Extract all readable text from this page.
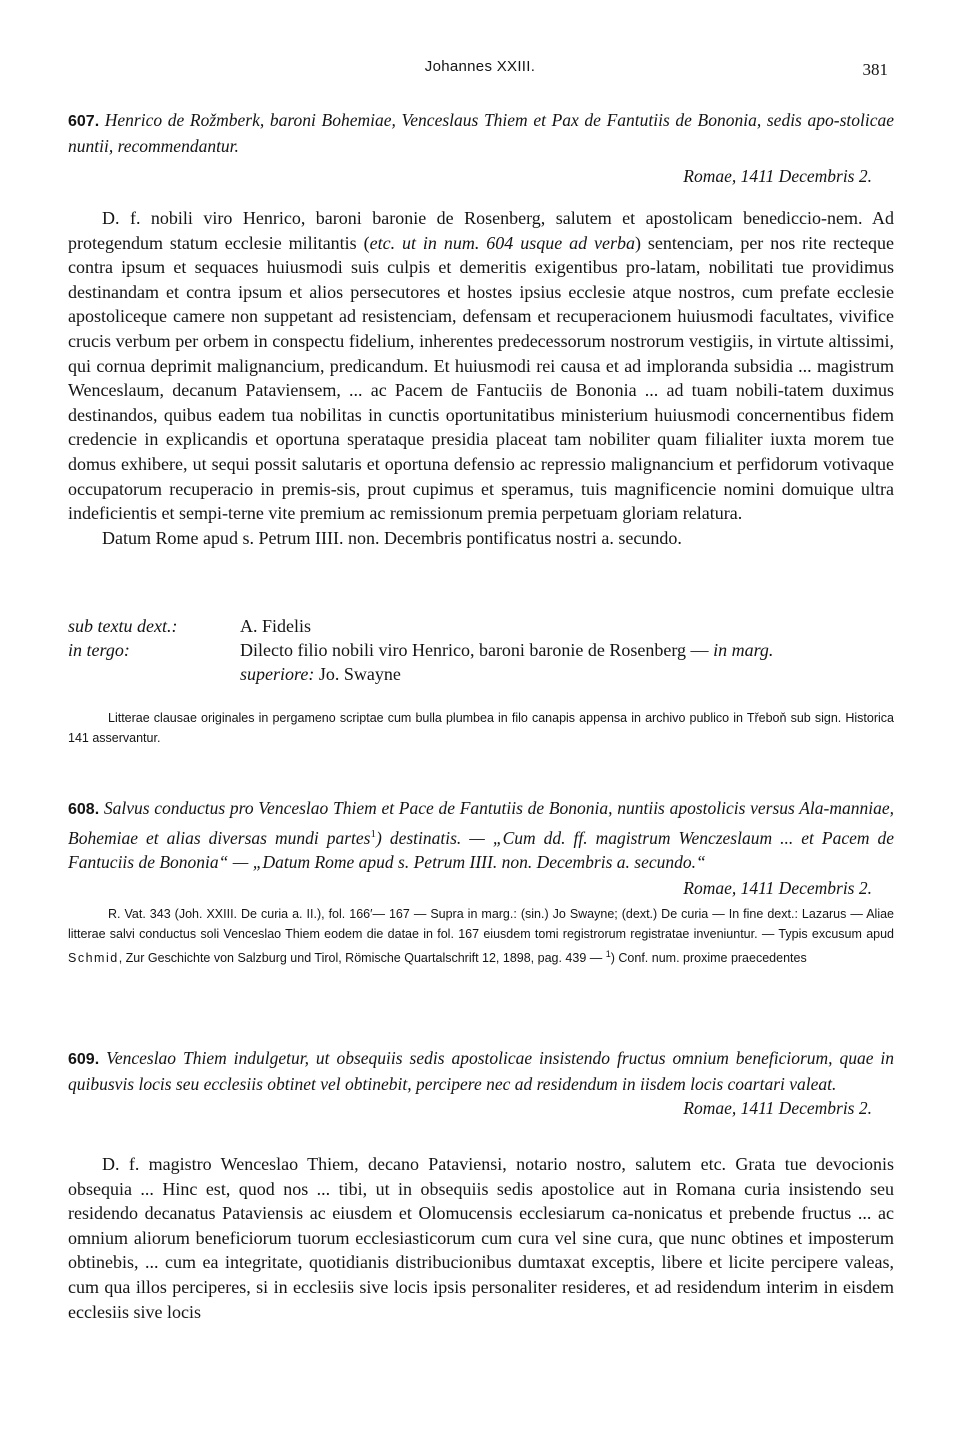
Johannes XXIII.	381
607. Henrico de Rožmberk, baroni Bohemiae, Venceslaus Thiem et Pax de Fantutiis de Bononia, sedis apo-stolicae nuntii, recommendantur.
Romae, 1411 Decembris 2.

D. f. nobili viro Henrico, baroni baronie de Rosenberg, salutem et apostolicam benediccio-nem. Ad protegendum statum ecclesie militantis (etc. ut in num. 604 usque ad verba) sentenciam, per nos rite recteque contra ipsum et sequaces huiusmodi suis culpis et demeritis exigentibus pro-latam, nobilitati tue providimus destinandam et contra ipsum et alios persecutores et hostes ipsius ecclesie atque nostros, cum prefate ecclesie apostoliceque camere non suppetant ad resistenciam, defensam et recuperacionem huiusmodi facultates, vivifice crucis verbum per orbem in conspectu fidelium, inherentes predecessorum nostrorum vestigiis, in virtute altissimi, qui cornua deprimit malignancium, predicandum. Et huiusmodi rei causa et ad imploranda subsidia ... magistrum Wenceslaum, decanum Pataviensem, ... ac Pacem de Fantuciis de Bononia ... ad tuam nobili-tatem duximus destinandos, quibus eadem tua nobilitas in cunctis oportunitatibus ministerium huiusmodi concernentibus fidem credencie in explicandis et oportuna sperataque presidia placeat tam nobiliter quam filialiter iuxta morem tue domus exhibere, ut sequi possit salutaris et oportuna defensio ac repressio malignancium et perfidorum votivaque occupatorum recuperacio in premis-sis, prout cupimus et speramus, tuis magnificencie nomini domuique ultra indeficientis et sempi-terne vite premium ac remissionum premia perpetuam gloriam relatura.

Datum Rome apud s. Petrum IIII. non. Decembris pontificatus nostri a. secundo.

sub textu dext.:	A. Fidelis
in tergo:	Dilecto filio nobili viro Henrico, baroni baronie de Rosenberg — in marg.
superiore: Jo. Swayne

Litterae clausae originales in pergameno scriptae cum bulla plumbea in filo canapis appensa in archivo publico in Třeboň sub sign. Historica 141 asservantur.

608. Salvus conductus pro Venceslao Thiem et Pace de Fantutiis de Bononia, nuntiis apostolicis versus Ala-manniae, Bohemiae et alias diversas mundi partes$^1$) destinatis. — „Cum dd. ff. magistrum Wenczeslaum ... et Pacem de Fantuciis de Bononia“ — „Datum Rome apud s. Petrum IIII. non. Decembris a. secundo.“
Romae, 1411 Decembris 2.

R. Vat. 343 (Joh. XXIII. De curia a. II.), fol. 166′— 167 — Supra in marg.: (sin.) Jo Swayne; (dext.) De curia — In fine dext.: Lazarus — Aliae litterae salvi conductus soli Venceslao Thiem eodem die datae in fol. 167 eiusdem tomi registrorum registratae inveniuntur. — Typis excusum apud Schmid, Zur Geschichte von Salzburg und Tirol, Römische Quartalschrift 12, 1898, pag. 439 — $^1$) Conf. num. proxime praecedentes

609. Venceslao Thiem indulgetur, ut obsequiis sedis apostolicae insistendo fructus omnium beneficiorum, quae in quibusvis locis seu ecclesiis obtinet vel obtinebit, percipere nec ad residendum in iisdem locis coartari valeat.
Romae, 1411 Decembris 2.

D. f. magistro Wenceslao Thiem, decano Pataviensi, notario nostro, salutem etc. Grata tue devocionis obsequia ... Hinc est, quod nos ... tibi, ut in obsequiis sedis apostolice aut in Romana curia insistendo seu residendo decanatus Pataviensis ac eiusdem et Olomucensis ecclesiarum ca-nonicatus et prebende fructus ... ac omnium aliorum beneficiorum tuorum ecclesiasticorum cum cura vel sine cura, que nunc obtines et imposterum obtinebis, ... cum ea integritate, quotidianis distribucionibus dumtaxat exceptis, libere et licite percipere valeas, cum qua illos perciperes, si in ecclesiis sive locis ipsis personaliter resideres, et ad residendum interim in eisdem ecclesiis sive locis
